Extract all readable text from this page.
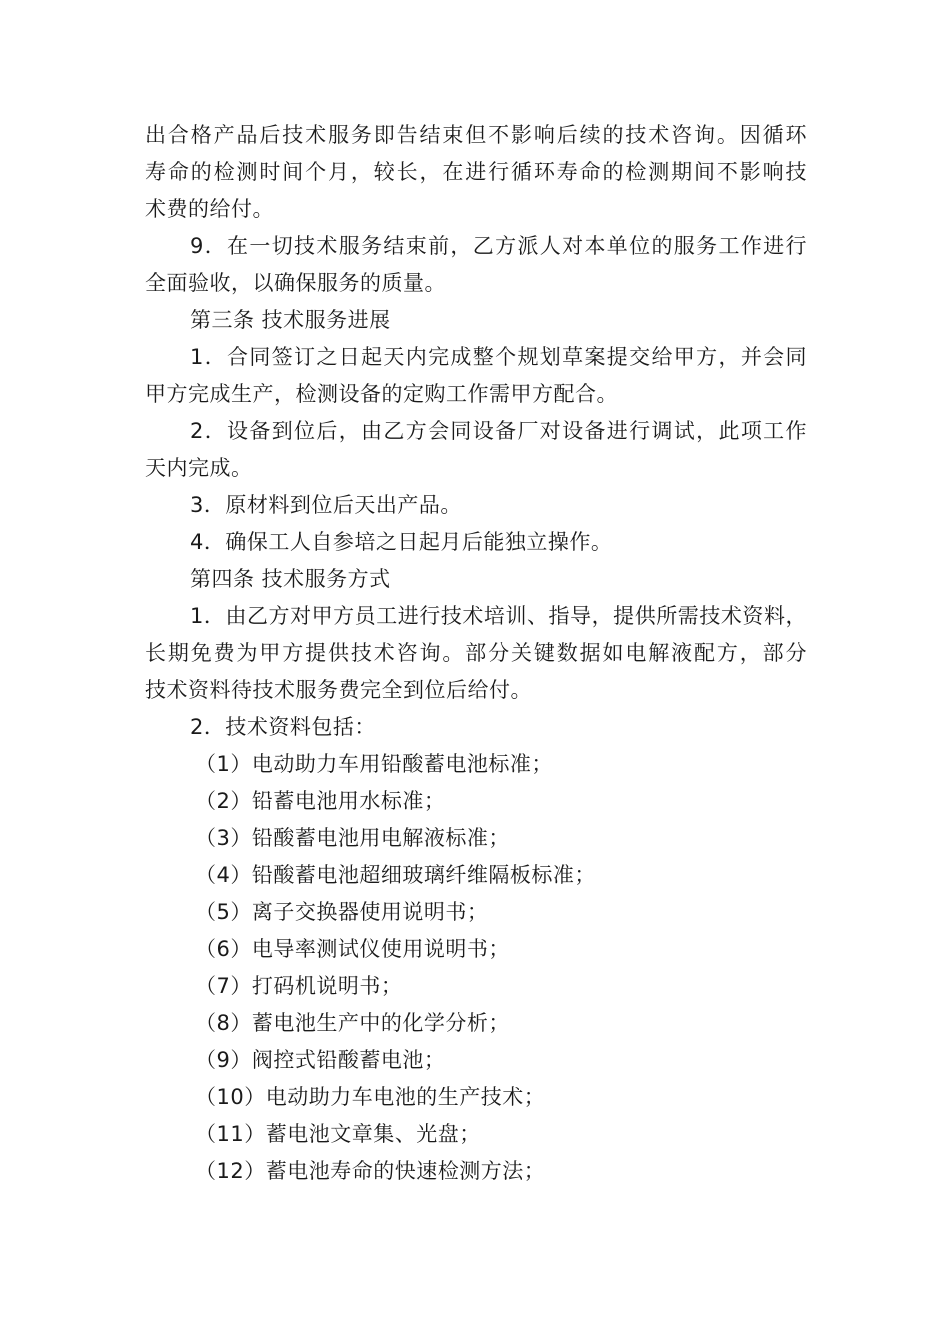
出合格产品后技术服务即告结束但不影响后续的技术咨询。因循环
寿命的检测时间个月，较长，在进行循环寿命的检测期间不影响技
术费的给付。
9．在一切技术服务结束前，乙方派人对本单位的服务工作进行
全面验收，以确保服务的质量。
第三条 技术服务进展
1．合同签订之日起天内完成整个规划草案提交给甲方，并会同
甲方完成生产，检测设备的定购工作需甲方配合。
2．设备到位后，由乙方会同设备厂对设备进行调试，此项工作
天内完成。
3．原材料到位后天出产品。
4．确保工人自参培之日起月后能独立操作。
第四条 技术服务方式
1．由乙方对甲方员工进行技术培训、指导，提供所需技术资料，
长期免费为甲方提供技术咨询。部分关键数据如电解液配方，部分
技术资料待技术服务费完全到位后给付。
2．技术资料包括：
（1）电动助力车用铅酸蓄电池标准；
（2）铅蓄电池用水标准；
（3）铅酸蓄电池用电解液标准；
（4）铅酸蓄电池超细玻璃纤维隔板标准；
（5）离子交换器使用说明书；
（6）电导率测试仪使用说明书；
（7）打码机说明书；
（8）蓄电池生产中的化学分析；
（9）阀控式铅酸蓄电池；
（10）电动助力车电池的生产技术；
（11）蓄电池文章集、光盘；
（12）蓄电池寿命的快速检测方法；
